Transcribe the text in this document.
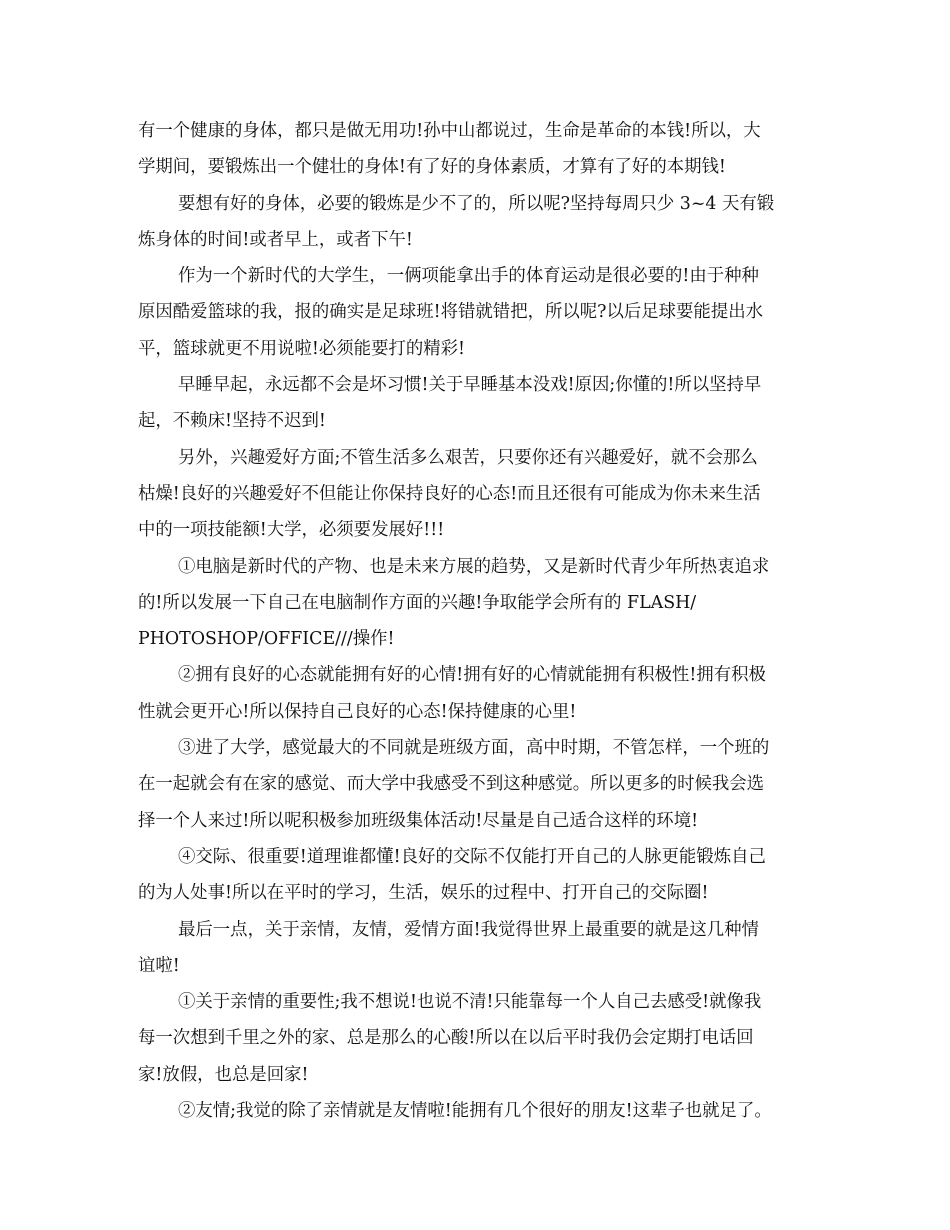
有一个健康的身体，都只是做无用功!孙中山都说过，生命是革命的本钱!所以，大
学期间，要锻炼出一个健壮的身体!有了好的身体素质，才算有了好的本期钱!
要想有好的身体，必要的锻炼是少不了的，所以呢?坚持每周只少 3~4 天有锻
炼身体的时间!或者早上，或者下午!
作为一个新时代的大学生，一俩项能拿出手的体育运动是很必要的!由于种种
原因酷爱篮球的我，报的确实是足球班!将错就错把，所以呢?以后足球要能提出水
平，篮球就更不用说啦!必须能要打的精彩!
早睡早起，永远都不会是坏习惯!关于早睡基本没戏!原因;你懂的!所以坚持早
起，不赖床!坚持不迟到!
另外，兴趣爱好方面;不管生活多么艰苦，只要你还有兴趣爱好，就不会那么
枯燥!良好的兴趣爱好不但能让你保持良好的心态!而且还很有可能成为你未来生活
中的一项技能额!大学，必须要发展好!!!
①电脑是新时代的产物、也是未来方展的趋势，又是新时代青少年所热衷追求
的!所以发展一下自己在电脑制作方面的兴趣!争取能学会所有的 FLASH/
PHOTOSHOP/OFFICE///操作!
②拥有良好的心态就能拥有好的心情!拥有好的心情就能拥有积极性!拥有积极
性就会更开心!所以保持自己良好的心态!保持健康的心里!
③进了大学，感觉最大的不同就是班级方面，高中时期，不管怎样，一个班的
在一起就会有在家的感觉、而大学中我感受不到这种感觉。所以更多的时候我会选
择一个人来过!所以呢积极参加班级集体活动!尽量是自己适合这样的环境!
④交际、很重要!道理谁都懂!良好的交际不仅能打开自己的人脉更能锻炼自己
的为人处事!所以在平时的学习，生活，娱乐的过程中、打开自己的交际圈!
最后一点，关于亲情，友情，爱情方面!我觉得世界上最重要的就是这几种情
谊啦!
①关于亲情的重要性;我不想说!也说不清!只能靠每一个人自己去感受!就像我
每一次想到千里之外的家、总是那么的心酸!所以在以后平时我仍会定期打电话回
家!放假，也总是回家!
②友情;我觉的除了亲情就是友情啦!能拥有几个很好的朋友!这辈子也就足了。
